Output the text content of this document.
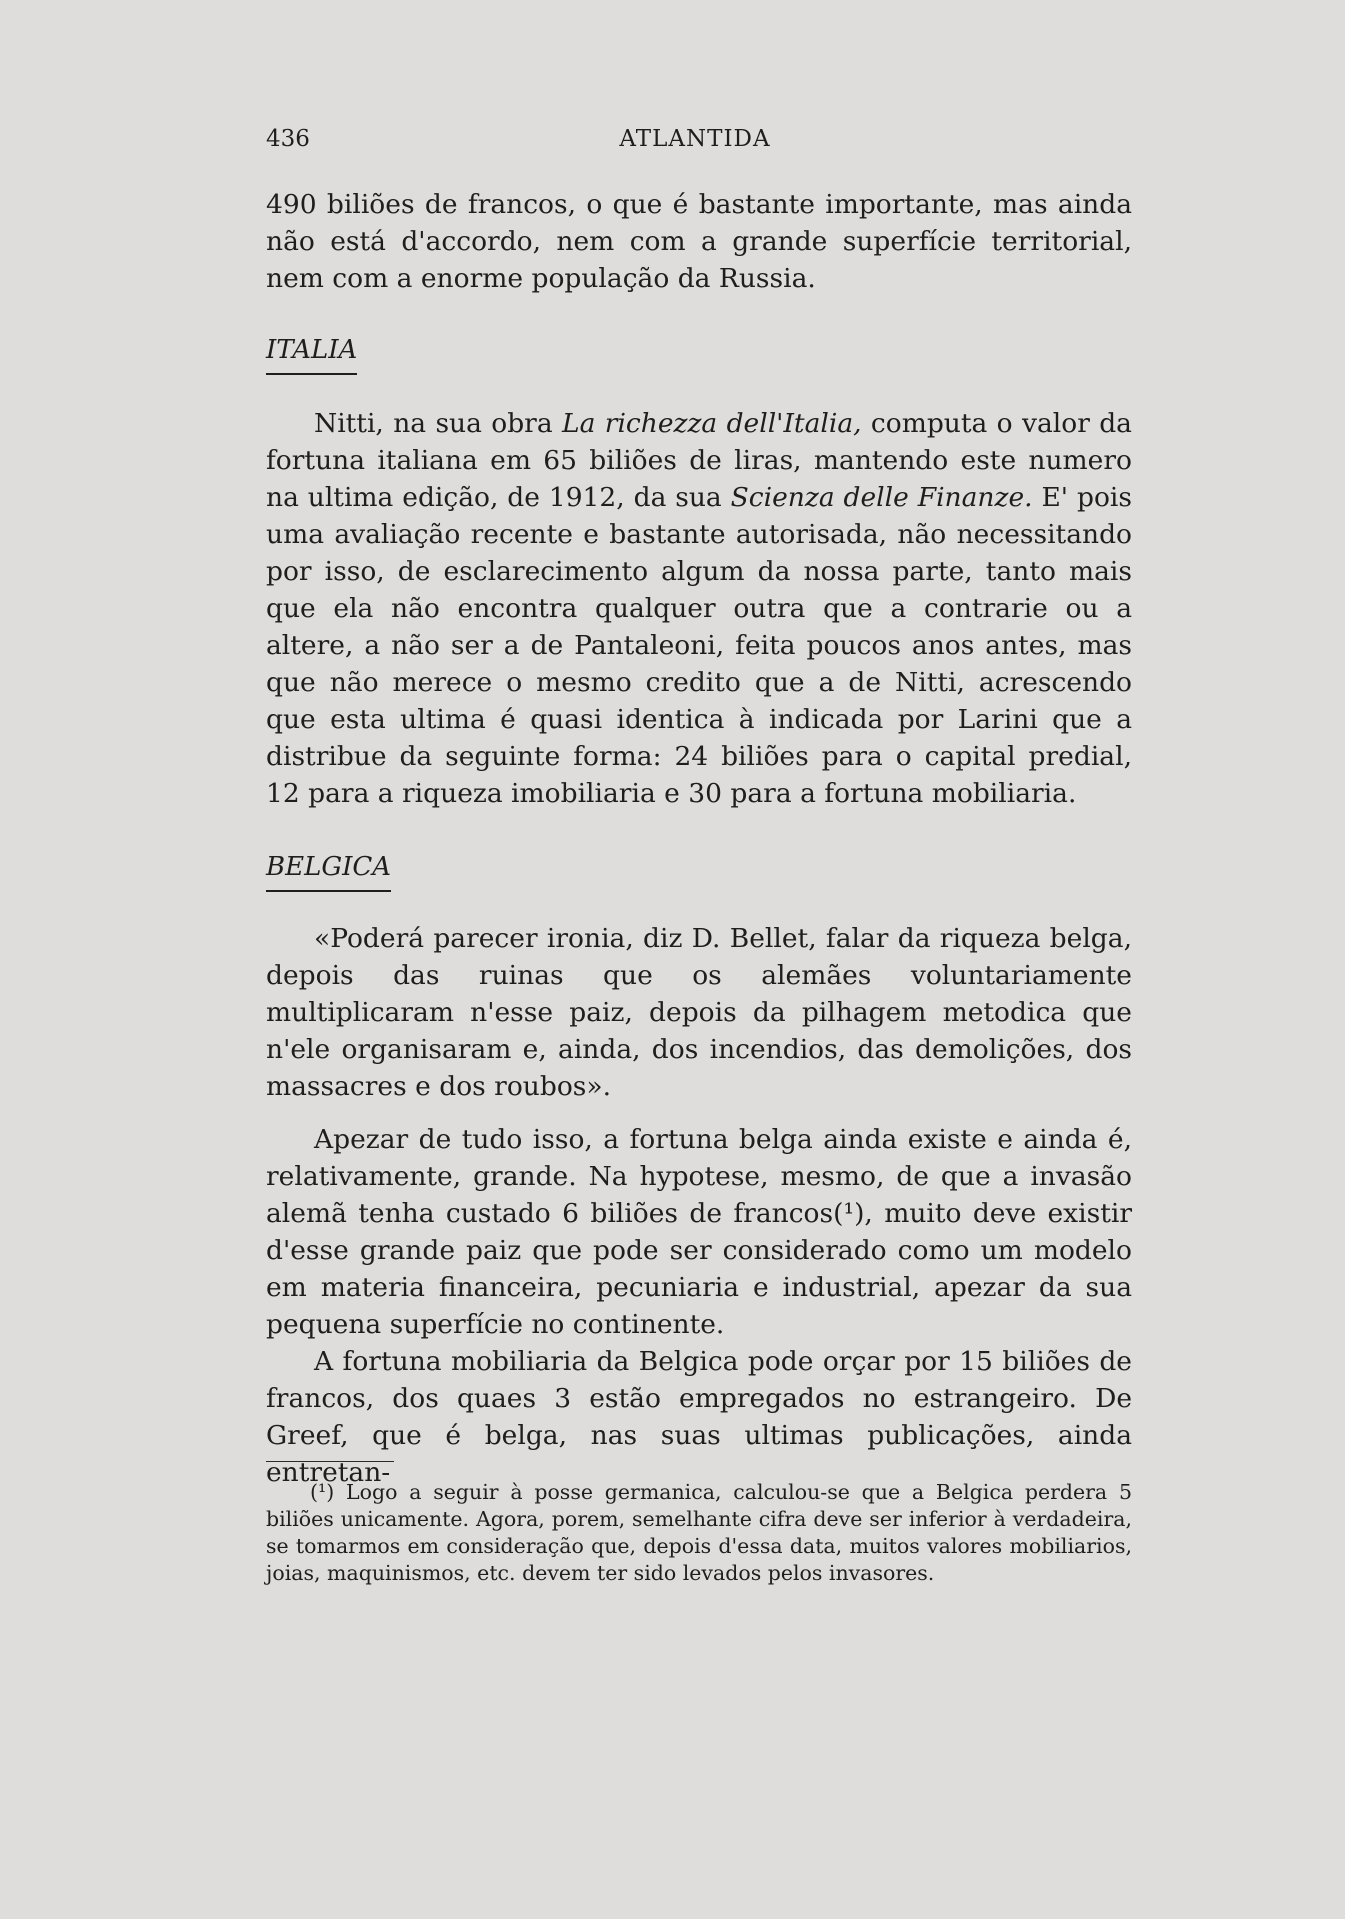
436	ATLANTIDA

490 biliões de francos, o que é bastante importante, mas ainda não está d'accordo, nem com a grande superfície territorial, nem com a enorme população da Russia.

ITALIA

Nitti, na sua obra La richezza dell'Italia, computa o valor da fortuna italiana em 65 biliões de liras, mantendo este numero na ultima edição, de 1912, da sua Scienza delle Finanze. E' pois uma avaliação recente e bastante autorisada, não necessitando por isso, de esclarecimento algum da nossa parte, tanto mais que ela não encontra qualquer outra que a contrarie ou a altere, a não ser a de Pantaleoni, feita poucos anos antes, mas que não merece o mesmo credito que a de Nitti, acrescendo que esta ultima é quasi identica à indicada por Larini que a distribue da seguinte forma: 24 biliões para o capital predial, 12 para a riqueza imobiliaria e 30 para a fortuna mobiliaria.

BELGICA

«Poderá parecer ironia, diz D. Bellet, falar da riqueza belga, depois das ruinas que os alemães voluntariamente multiplicaram n'esse paiz, depois da pilhagem metodica que n'ele organisaram e, ainda, dos incendios, das demolições, dos massacres e dos roubos».

Apezar de tudo isso, a fortuna belga ainda existe e ainda é, relativamente, grande. Na hypotese, mesmo, de que a invasão alemã tenha custado 6 biliões de francos(¹), muito deve existir d'esse grande paiz que pode ser considerado como um modelo em materia financeira, pecuniaria e industrial, apezar da sua pequena superfície no continente.

A fortuna mobiliaria da Belgica pode orçar por 15 biliões de francos, dos quaes 3 estão empregados no estrangeiro. De Greef, que é belga, nas suas ultimas publicações, ainda entretan-

(¹) Logo a seguir à posse germanica, calculou-se que a Belgica perdera 5 biliões unicamente. Agora, porem, semelhante cifra deve ser inferior à verdadeira, se tomarmos em consideração que, depois d'essa data, muitos valores mobiliarios, joias, maquinismos, etc. devem ter sido levados pelos invasores.
